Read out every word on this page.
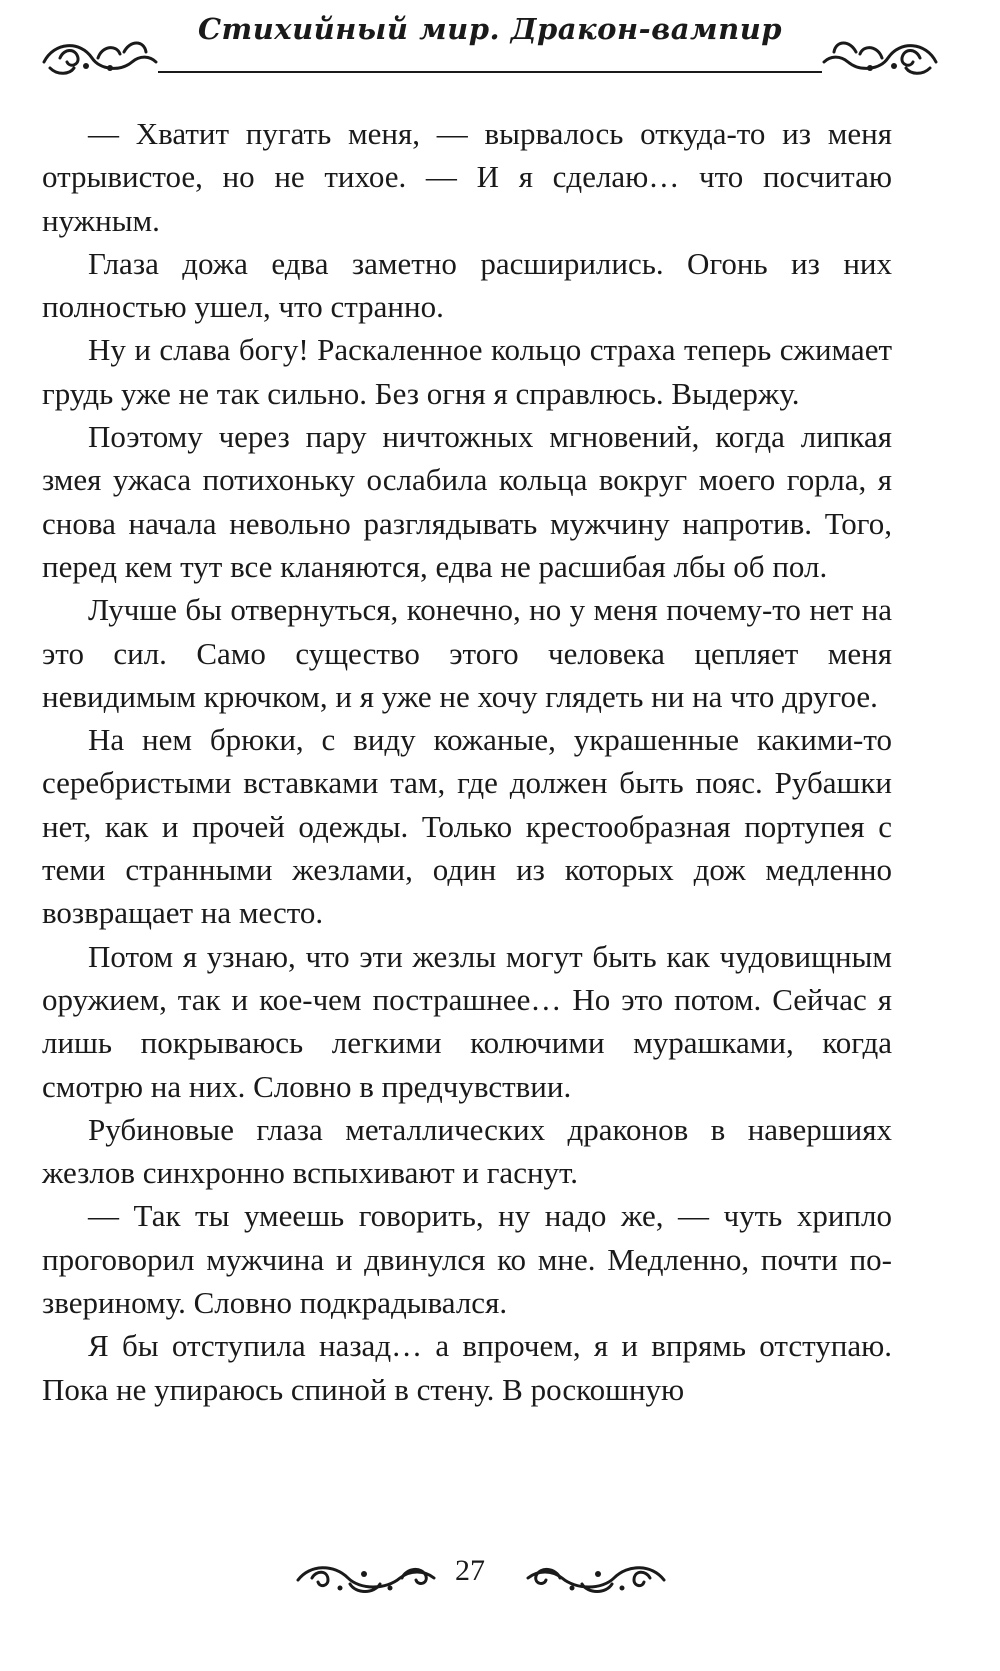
Стихийный мир. Дракон-вампир

— Хватит пугать меня, — вырвалось откуда-то из меня отрывистое, но не тихое. — И я сделаю… что посчитаю нужным.

Глаза дожа едва заметно расширились. Огонь из них полностью ушел, что странно.

Ну и слава богу! Раскаленное кольцо страха теперь сжимает грудь уже не так сильно. Без огня я справлюсь. Выдержу.

Поэтому через пару ничтожных мгновений, когда липкая змея ужаса потихоньку ослабила кольца вокруг моего горла, я снова начала невольно разглядывать мужчину напротив. Того, перед кем тут все кланяются, едва не расшибая лбы об пол.

Лучше бы отвернуться, конечно, но у меня почему-то нет на это сил. Само существо этого человека цепляет меня невидимым крючком, и я уже не хочу глядеть ни на что другое.

На нем брюки, с виду кожаные, украшенные какими-то серебристыми вставками там, где должен быть пояс. Рубашки нет, как и прочей одежды. Только крестообразная портупея с теми странными жезлами, один из которых дож медленно возвращает на место.

Потом я узнаю, что эти жезлы могут быть как чудовищным оружием, так и кое-чем пострашнее… Но это потом. Сейчас я лишь покрываюсь легкими колючими мурашками, когда смотрю на них. Словно в предчувствии.

Рубиновые глаза металлических драконов в навершиях жезлов синхронно вспыхивают и гаснут.

— Так ты умеешь говорить, ну надо же, — чуть хрипло проговорил мужчина и двинулся ко мне. Медленно, почти по-звериному. Словно подкрадывался.

Я бы отступила назад… а впрочем, я и впрямь отступаю. Пока не упираюсь спиной в стену. В роскошную

27
